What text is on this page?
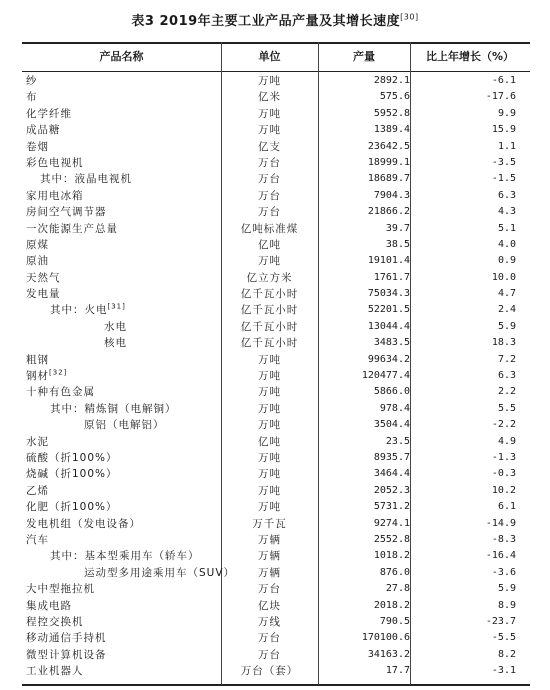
表3 2019年主要工业产品产量及其增长速度[30]
产品名称	单位	产量	比上年增长（%）
纱	万吨	2892.1	-6.1
布	亿米	575.6	-17.6
化学纤维	万吨	5952.8	9.9
成品糖	万吨	1389.4	15.9
卷烟	亿支	23642.5	1.1
彩色电视机	万台	18999.1	-3.5
其中：液晶电视机	万台	18689.7	-1.5
家用电冰箱	万台	7904.3	6.3
房间空气调节器	万台	21866.2	4.3
一次能源生产总量	亿吨标准煤	39.7	5.1
原煤	亿吨	38.5	4.0
原油	万吨	19101.4	0.9
天然气	亿立方米	1761.7	10.0
发电量	亿千瓦小时	75034.3	4.7
其中：火电[31]	亿千瓦小时	52201.5	2.4
水电	亿千瓦小时	13044.4	5.9
核电	亿千瓦小时	3483.5	18.3
粗钢	万吨	99634.2	7.2
钢材[32]	万吨	120477.4	6.3
十种有色金属	万吨	5866.0	2.2
其中：精炼铜（电解铜）	万吨	978.4	5.5
原铝（电解铝）	万吨	3504.4	-2.2
水泥	亿吨	23.5	4.9
硫酸（折100%）	万吨	8935.7	-1.3
烧碱（折100%）	万吨	3464.4	-0.3
乙烯	万吨	2052.3	10.2
化肥（折100%）	万吨	5731.2	6.1
发电机组（发电设备）	万千瓦	9274.1	-14.9
汽车	万辆	2552.8	-8.3
其中：基本型乘用车（轿车）	万辆	1018.2	-16.4
运动型多用途乘用车（SUV）	万辆	876.0	-3.6
大中型拖拉机	万台	27.8	5.9
集成电路	亿块	2018.2	8.9
程控交换机	万线	790.5	-23.7
移动通信手持机	万台	170100.6	-5.5
微型计算机设备	万台	34163.2	8.2
工业机器人	万台（套）	17.7	-3.1
